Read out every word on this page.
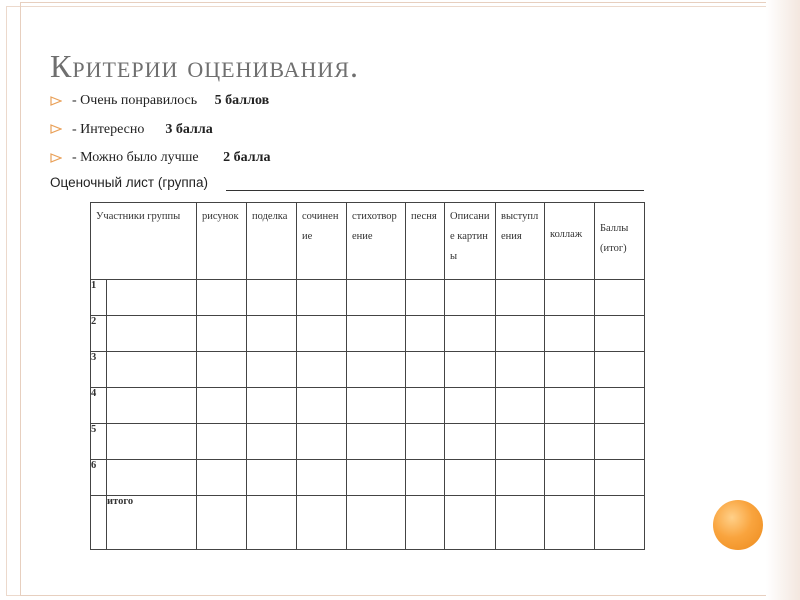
Критерии оценивания.
- Очень понравилось 5 баллов
- Интересно 3 балла
- Можно было лучше 2 балла
Оценочный лист (группа)
Участники группы		рисунок	поделка	сочинение	стихотворение	песня	Описание картины	выступления	коллаж	Баллы (итог)

1										
2										
3										
4										
5										
6										
	итого									
